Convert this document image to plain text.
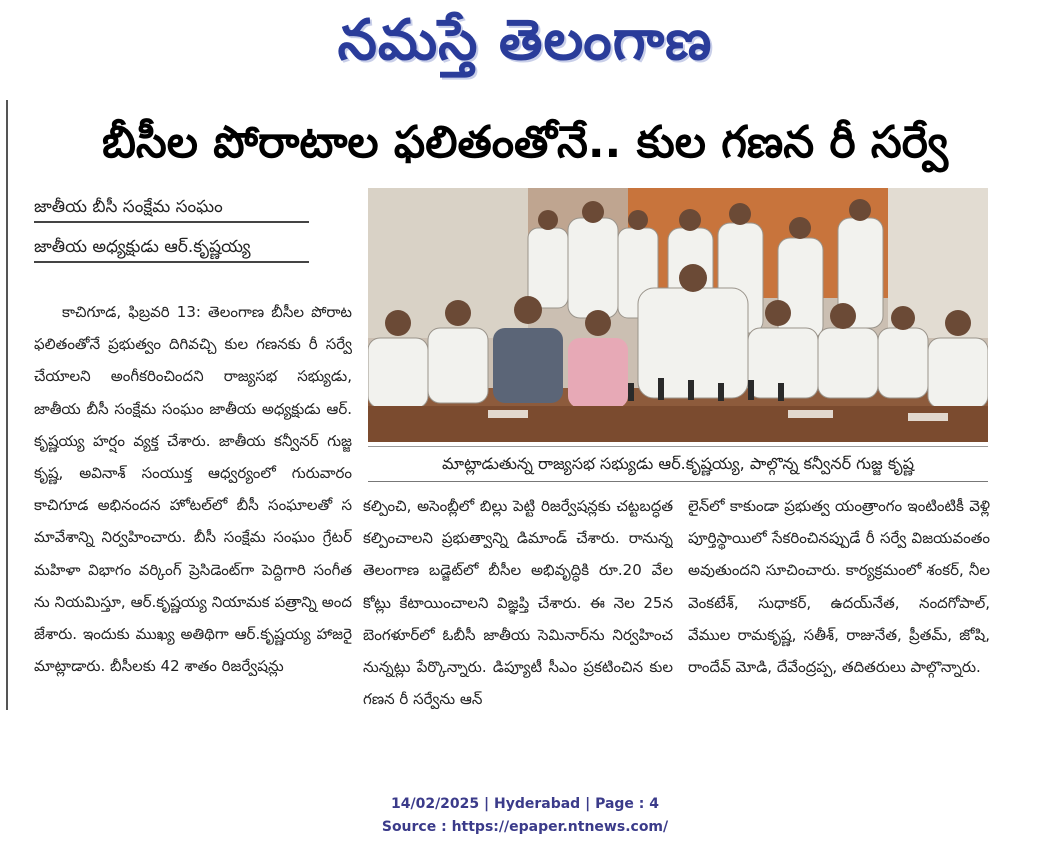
నమస్తే తెలంగాణ
బీసీల పోరాటాల ఫలితంతోనే.. కుల గణన రీ సర్వే
జాతీయ బీసీ సంక్షేమ సంఘం
జాతీయ అధ్యక్షుడు ఆర్.కృష్ణయ్య
మాట్లాడుతున్న రాజ్యసభ సభ్యుడు ఆర్.కృష్ణయ్య, పాల్గొన్న కన్వీనర్ గుజ్జ కృష్ణ
కాచిగూడ, ఫిబ్రవరి 13: తెలంగాణ బీసీల పోరాట ఫలితంతోనే ప్రభుత్వం దిగివచ్చి కుల గణనకు రీ సర్వే చేయాలని అంగీకరించిందని రాజ్యసభ సభ్యుడు, జాతీయ బీసీ సంక్షేమ సంఘం జాతీయ అధ్యక్షుడు ఆర్.కృష్ణయ్య హర్షం వ్యక్త చేశారు. జాతీయ కన్వీనర్ గుజ్జ కృష్ణ, అవినాశ్ సంయుక్త ఆధ్వర్యంలో గురువారం కాచిగూడ అభినందన హోటల్‌లో బీసీ సంఘాలతో సమావేశాన్ని నిర్వహించారు. బీసీ సంక్షేమ సంఘం గ్రేటర్ మహిళా విభాగం వర్కింగ్ ప్రెసిడెంట్‌గా పెద్దిగారి సంగీతను నియమిస్తూ, ఆర్.కృష్ణయ్య నియామక పత్రాన్ని అందజేశారు. ఇందుకు ముఖ్య అతిథిగా ఆర్.కృష్ణయ్య హాజరై మాట్లాడారు. బీసీలకు 42 శాతం రిజర్వేషన్లు
కల్పించి, అసెంబ్లీలో బిల్లు పెట్టి రిజర్వేషన్లకు చట్టబద్ధత కల్పించాలని ప్రభుత్వాన్ని డిమాండ్ చేశారు. రానున్న తెలంగాణ బడ్జెట్‌లో బీసీల అభివృద్ధికి రూ.20 వేల కోట్లు కేటాయించాలని విజ్ఞప్తి చేశారు. ఈ నెల 25న బెంగళూర్‌లో ఓబీసీ జాతీయ సెమినార్‌ను నిర్వహించనున్నట్లు పేర్కొన్నారు. డిప్యూటీ సీఎం ప్రకటించిన కుల గణన రీ సర్వేను ఆన్
లైన్‌లో కాకుండా ప్రభుత్వ యంత్రాంగం ఇంటింటికీ వెళ్లి పూర్తిస్థాయిలో సేకరించినప్పుడే రీ సర్వే విజయవంతం అవుతుందని సూచించారు. కార్యక్రమంలో శంకర్, నీల వెంకటేశ్, సుధాకర్, ఉదయ్‌నేత, నందగోపాల్, వేముల రామకృష్ణ, సతీశ్, రాజునేత, ప్రీతమ్, జోషి, రాందేవ్ మోడి, దేవేంద్రప్ప, తదితరులు పాల్గొన్నారు.
14/02/2025 | Hyderabad | Page : 4
Source : https://epaper.ntnews.com/
